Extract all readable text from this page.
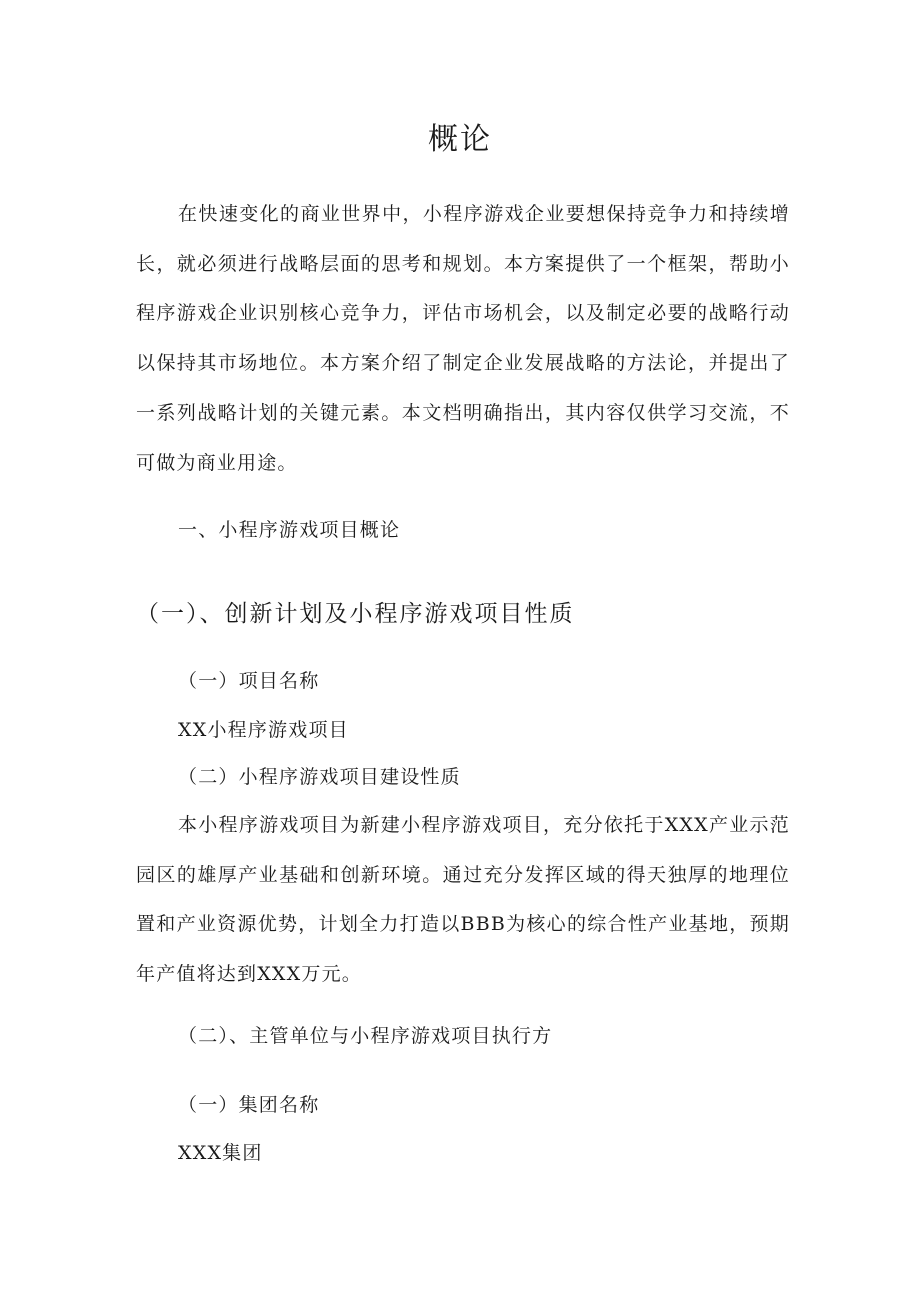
概论

在快速变化的商业世界中，小程序游戏企业要想保持竞争力和持续增长，就必须进行战略层面的思考和规划。本方案提供了一个框架，帮助小程序游戏企业识别核心竞争力，评估市场机会，以及制定必要的战略行动以保持其市场地位。本方案介绍了制定企业发展战略的方法论，并提出了一系列战略计划的关键元素。本文档明确指出，其内容仅供学习交流，不可做为商业用途。

一、小程序游戏项目概论

（一）、创新计划及小程序游戏项目性质

（一）项目名称

XX小程序游戏项目

（二）小程序游戏项目建设性质

本小程序游戏项目为新建小程序游戏项目，充分依托于XXX产业示范园区的雄厚产业基础和创新环境。通过充分发挥区域的得天独厚的地理位置和产业资源优势，计划全力打造以BBB为核心的综合性产业基地，预期年产值将达到XXX万元。

（二）、主管单位与小程序游戏项目执行方

（一）集团名称

XXX集团
